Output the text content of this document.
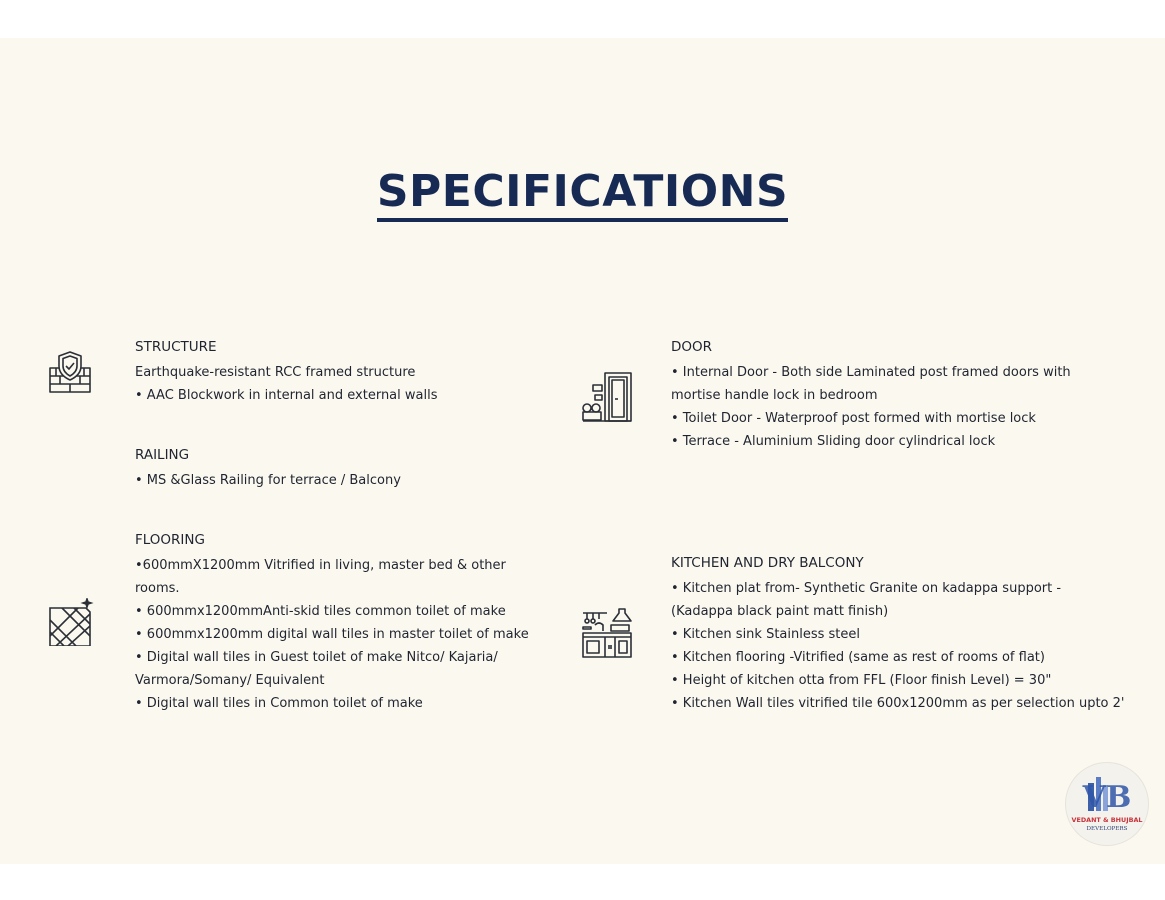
SPECIFICATIONS
STRUCTURE
Earthquake-resistant RCC framed structure
• AAC Blockwork in internal and external walls
RAILING
• MS &Glass Railing for terrace / Balcony
FLOORING
•600mmX1200mm Vitrified in living, master bed & other
rooms.
• 600mmx1200mmAnti-skid tiles common toilet of make
• 600mmx1200mm digital wall tiles in master toilet of make
• Digital wall tiles in Guest toilet of make Nitco/ Kajaria/
Varmora/Somany/ Equivalent
• Digital wall tiles in Common toilet of make
DOOR
• Internal Door - Both side Laminated post framed doors with
mortise handle lock in bedroom
• Toilet Door - Waterproof post formed with mortise lock
• Terrace - Aluminium Sliding door cylindrical lock
KITCHEN AND DRY BALCONY
• Kitchen plat from- Synthetic Granite on kadappa support -
(Kadappa black paint matt finish)
• Kitchen sink Stainless steel
• Kitchen flooring -Vitrified (same as rest of rooms of flat)
• Height of kitchen otta from FFL (Floor finish Level) = 30"
• Kitchen Wall tiles vitrified tile 600x1200mm as per selection upto 2'
VB
VEDANT & BHUJBAL
DEVELOPERS
